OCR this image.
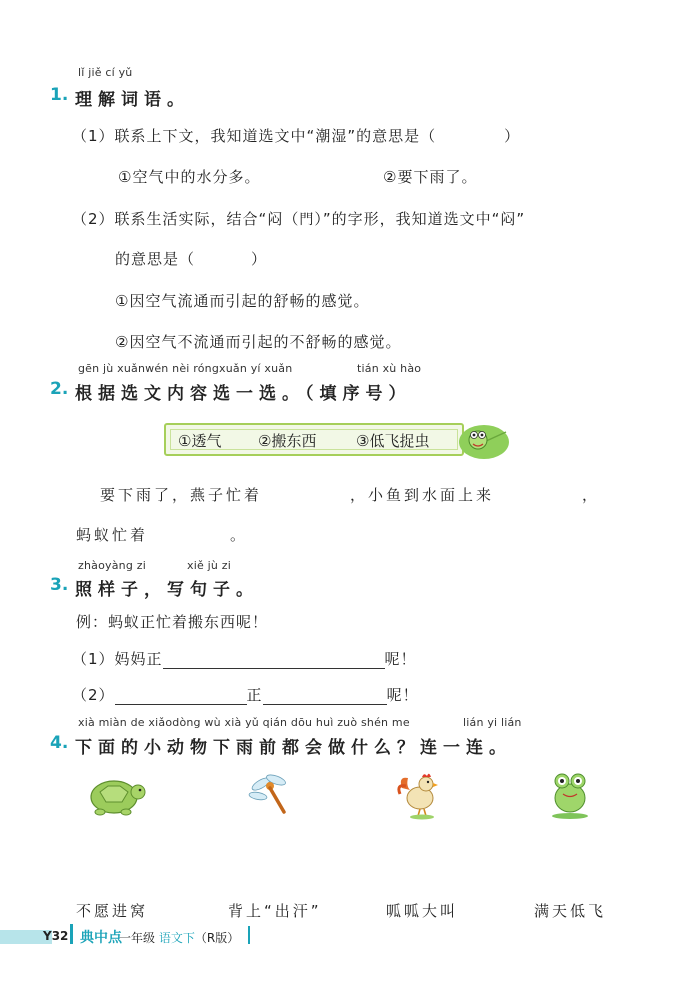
lǐ jiě cí yǔ
1. 理解词语。
（1）联系上下文，我知道选文中“潮湿”的意思是（	）
①空气中的水分多。	②要下雨了。
（2）联系生活实际，结合“闷（門）”的字形，我知道选文中“闷”
的意思是（	）
①因空气流通而引起的舒畅的感觉。
②因空气不流通而引起的不舒畅的感觉。
gēn jù xuǎnwén nèi róngxuǎn yí xuǎn	tián xù hào
2. 根据选文内容选一选。（填序号）
①透气 ②搬东西	③低飞捉虫
要下雨了，燕子忙着	，小鱼到水面上来	，
蚂蚁忙着	。
zhàoyàng zi	xiě jù zi
3. 照样子，写句子。
例：蚂蚁正忙着搬东西呢！
（1）妈妈正	呢！
（2）	正	呢！
xià miàn de xiǎodòng wù xià yǔ qián dōu huì zuò shén me	lián yi lián
4. 下面的小动物下雨前都会做什么？连一连。
不愿进窝	背上“出汗”	呱呱大叫	满天低飞
Y32 典中点
一年级 语文下（R版）
